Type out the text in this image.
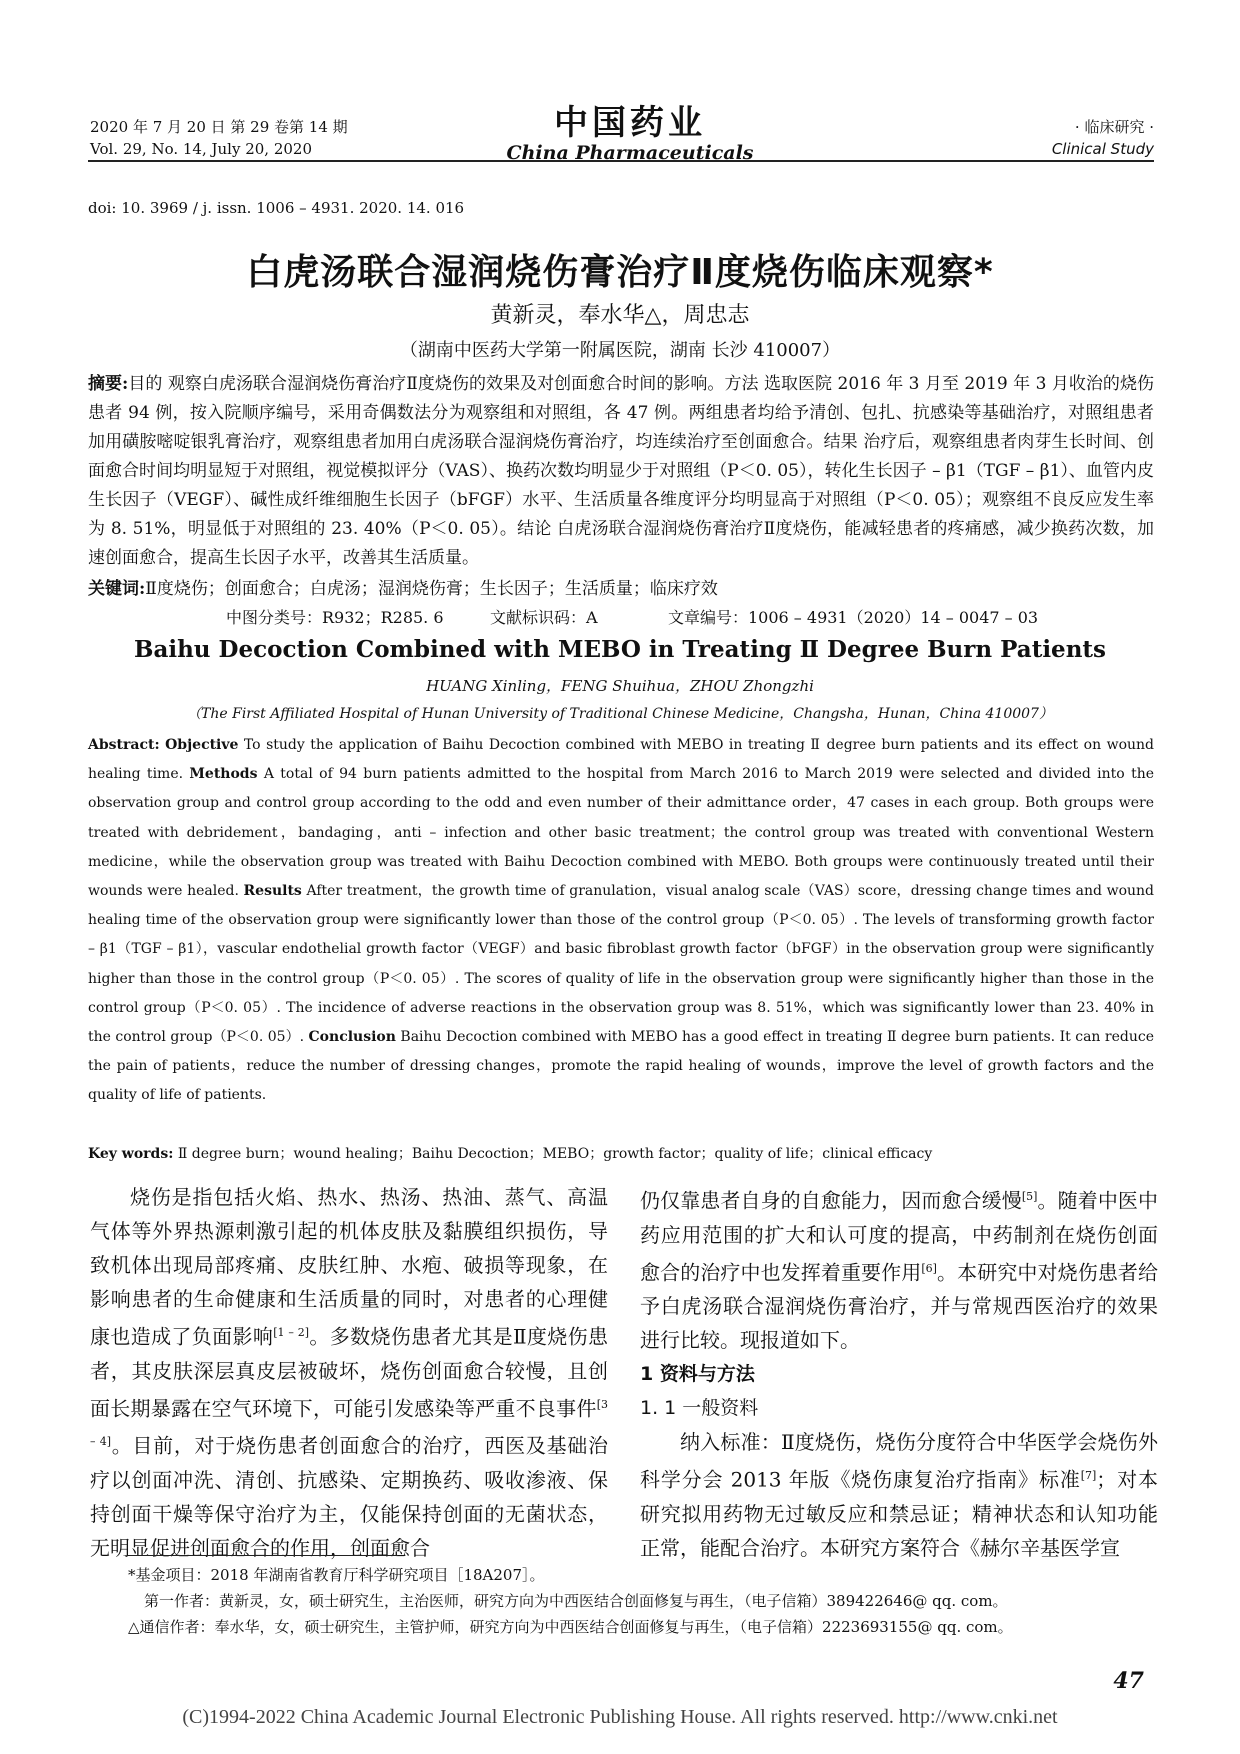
2020 年 7 月 20 日 第 29 卷第 14 期
Vol. 29, No. 14, July 20, 2020
中国药业
China Pharmaceuticals
· 临床研究 ·
Clinical Study
doi: 10. 3969 / j. issn. 1006 – 4931. 2020. 14. 016
白虎汤联合湿润烧伤膏治疗Ⅱ度烧伤临床观察*
黄新灵，奉水华△，周忠志
（湖南中医药大学第一附属医院，湖南 长沙 410007）
摘要:目的 观察白虎汤联合湿润烧伤膏治疗Ⅱ度烧伤的效果及对创面愈合时间的影响。方法 选取医院 2016 年 3 月至 2019 年 3 月收治的烧伤患者 94 例，按入院顺序编号，采用奇偶数法分为观察组和对照组，各 47 例。两组患者均给予清创、包扎、抗感染等基础治疗，对照组患者加用磺胺嘧啶银乳膏治疗，观察组患者加用白虎汤联合湿润烧伤膏治疗，均连续治疗至创面愈合。结果 治疗后，观察组患者肉芽生长时间、创面愈合时间均明显短于对照组，视觉模拟评分（VAS）、换药次数均明显少于对照组（P＜0. 05），转化生长因子 – β1（TGF – β1）、血管内皮生长因子（VEGF）、碱性成纤维细胞生长因子（bFGF）水平、生活质量各维度评分均明显高于对照组（P＜0. 05）；观察组不良反应发生率为 8. 51%，明显低于对照组的 23. 40%（P＜0. 05）。结论 白虎汤联合湿润烧伤膏治疗Ⅱ度烧伤，能减轻患者的疼痛感，减少换药次数，加速创面愈合，提高生长因子水平，改善其生活质量。
关键词:Ⅱ度烧伤；创面愈合；白虎汤；湿润烧伤膏；生长因子；生活质量；临床疗效
中图分类号：R932；R285. 6	文献标识码：A	文章编号：1006 – 4931（2020）14 – 0047 – 03
Baihu Decoction Combined with MEBO in Treating Ⅱ Degree Burn Patients
HUANG Xinling，FENG Shuihua，ZHOU Zhongzhi
（The First Affiliated Hospital of Hunan University of Traditional Chinese Medicine，Changsha，Hunan，China 410007）
Abstract: Objective To study the application of Baihu Decoction combined with MEBO in treating Ⅱ degree burn patients and its effect on wound healing time. Methods A total of 94 burn patients admitted to the hospital from March 2016 to March 2019 were selected and divided into the observation group and control group according to the odd and even number of their admittance order，47 cases in each group. Both groups were treated with debridement，bandaging，anti – infection and other basic treatment；the control group was treated with conventional Western medicine，while the observation group was treated with Baihu Decoction combined with MEBO. Both groups were continuously treated until their wounds were healed. Results After treatment，the growth time of granulation，visual analog scale（VAS）score，dressing change times and wound healing time of the observation group were significantly lower than those of the control group（P＜0. 05）. The levels of transforming growth factor – β1（TGF – β1），vascular endothelial growth factor（VEGF）and basic fibroblast growth factor（bFGF）in the observation group were significantly higher than those in the control group（P＜0. 05）. The scores of quality of life in the observation group were significantly higher than those in the control group（P＜0. 05）. The incidence of adverse reactions in the observation group was 8. 51%，which was significantly lower than 23. 40% in the control group（P＜0. 05）. Conclusion Baihu Decoction combined with MEBO has a good effect in treating Ⅱ degree burn patients. It can reduce the pain of patients，reduce the number of dressing changes，promote the rapid healing of wounds，improve the level of growth factors and the quality of life of patients.
Key words: Ⅱ degree burn；wound healing；Baihu Decoction；MEBO；growth factor；quality of life；clinical efficacy

烧伤是指包括火焰、热水、热汤、热油、蒸气、高温气体等外界热源刺激引起的机体皮肤及黏膜组织损伤，导致机体出现局部疼痛、皮肤红肿、水疱、破损等现象，在影响患者的生命健康和生活质量的同时，对患者的心理健康也造成了负面影响[1 – 2]。多数烧伤患者尤其是Ⅱ度烧伤患者，其皮肤深层真皮层被破坏，烧伤创面愈合较慢，且创面长期暴露在空气环境下，可能引发感染等严重不良事件[3 – 4]。目前，对于烧伤患者创面愈合的治疗，西医及基础治疗以创面冲洗、清创、抗感染、定期换药、吸收渗液、保持创面干燥等保守治疗为主，仅能保持创面的无菌状态，无明显促进创面愈合的作用，创面愈合

仍仅靠患者自身的自愈能力，因而愈合缓慢[5]。随着中医中药应用范围的扩大和认可度的提高，中药制剂在烧伤创面愈合的治疗中也发挥着重要作用[6]。本研究中对烧伤患者给予白虎汤联合湿润烧伤膏治疗，并与常规西医治疗的效果进行比较。现报道如下。

1 资料与方法

1. 1 一般资料

纳入标准：Ⅱ度烧伤，烧伤分度符合中华医学会烧伤外科学分会 2013 年版《烧伤康复治疗指南》标准[7]；对本研究拟用药物无过敏反应和禁忌证；精神状态和认知功能正常，能配合治疗。本研究方案符合《赫尔辛基医学宣

*基金项目：2018 年湖南省教育厅科学研究项目［18A207］。
第一作者：黄新灵，女，硕士研究生，主治医师，研究方向为中西医结合创面修复与再生，（电子信箱）389422646@ qq. com。
△通信作者：奉水华，女，硕士研究生，主管护师，研究方向为中西医结合创面修复与再生，（电子信箱）2223693155@ qq. com。
47
(C)1994-2022 China Academic Journal Electronic Publishing House. All rights reserved. http://www.cnki.net
